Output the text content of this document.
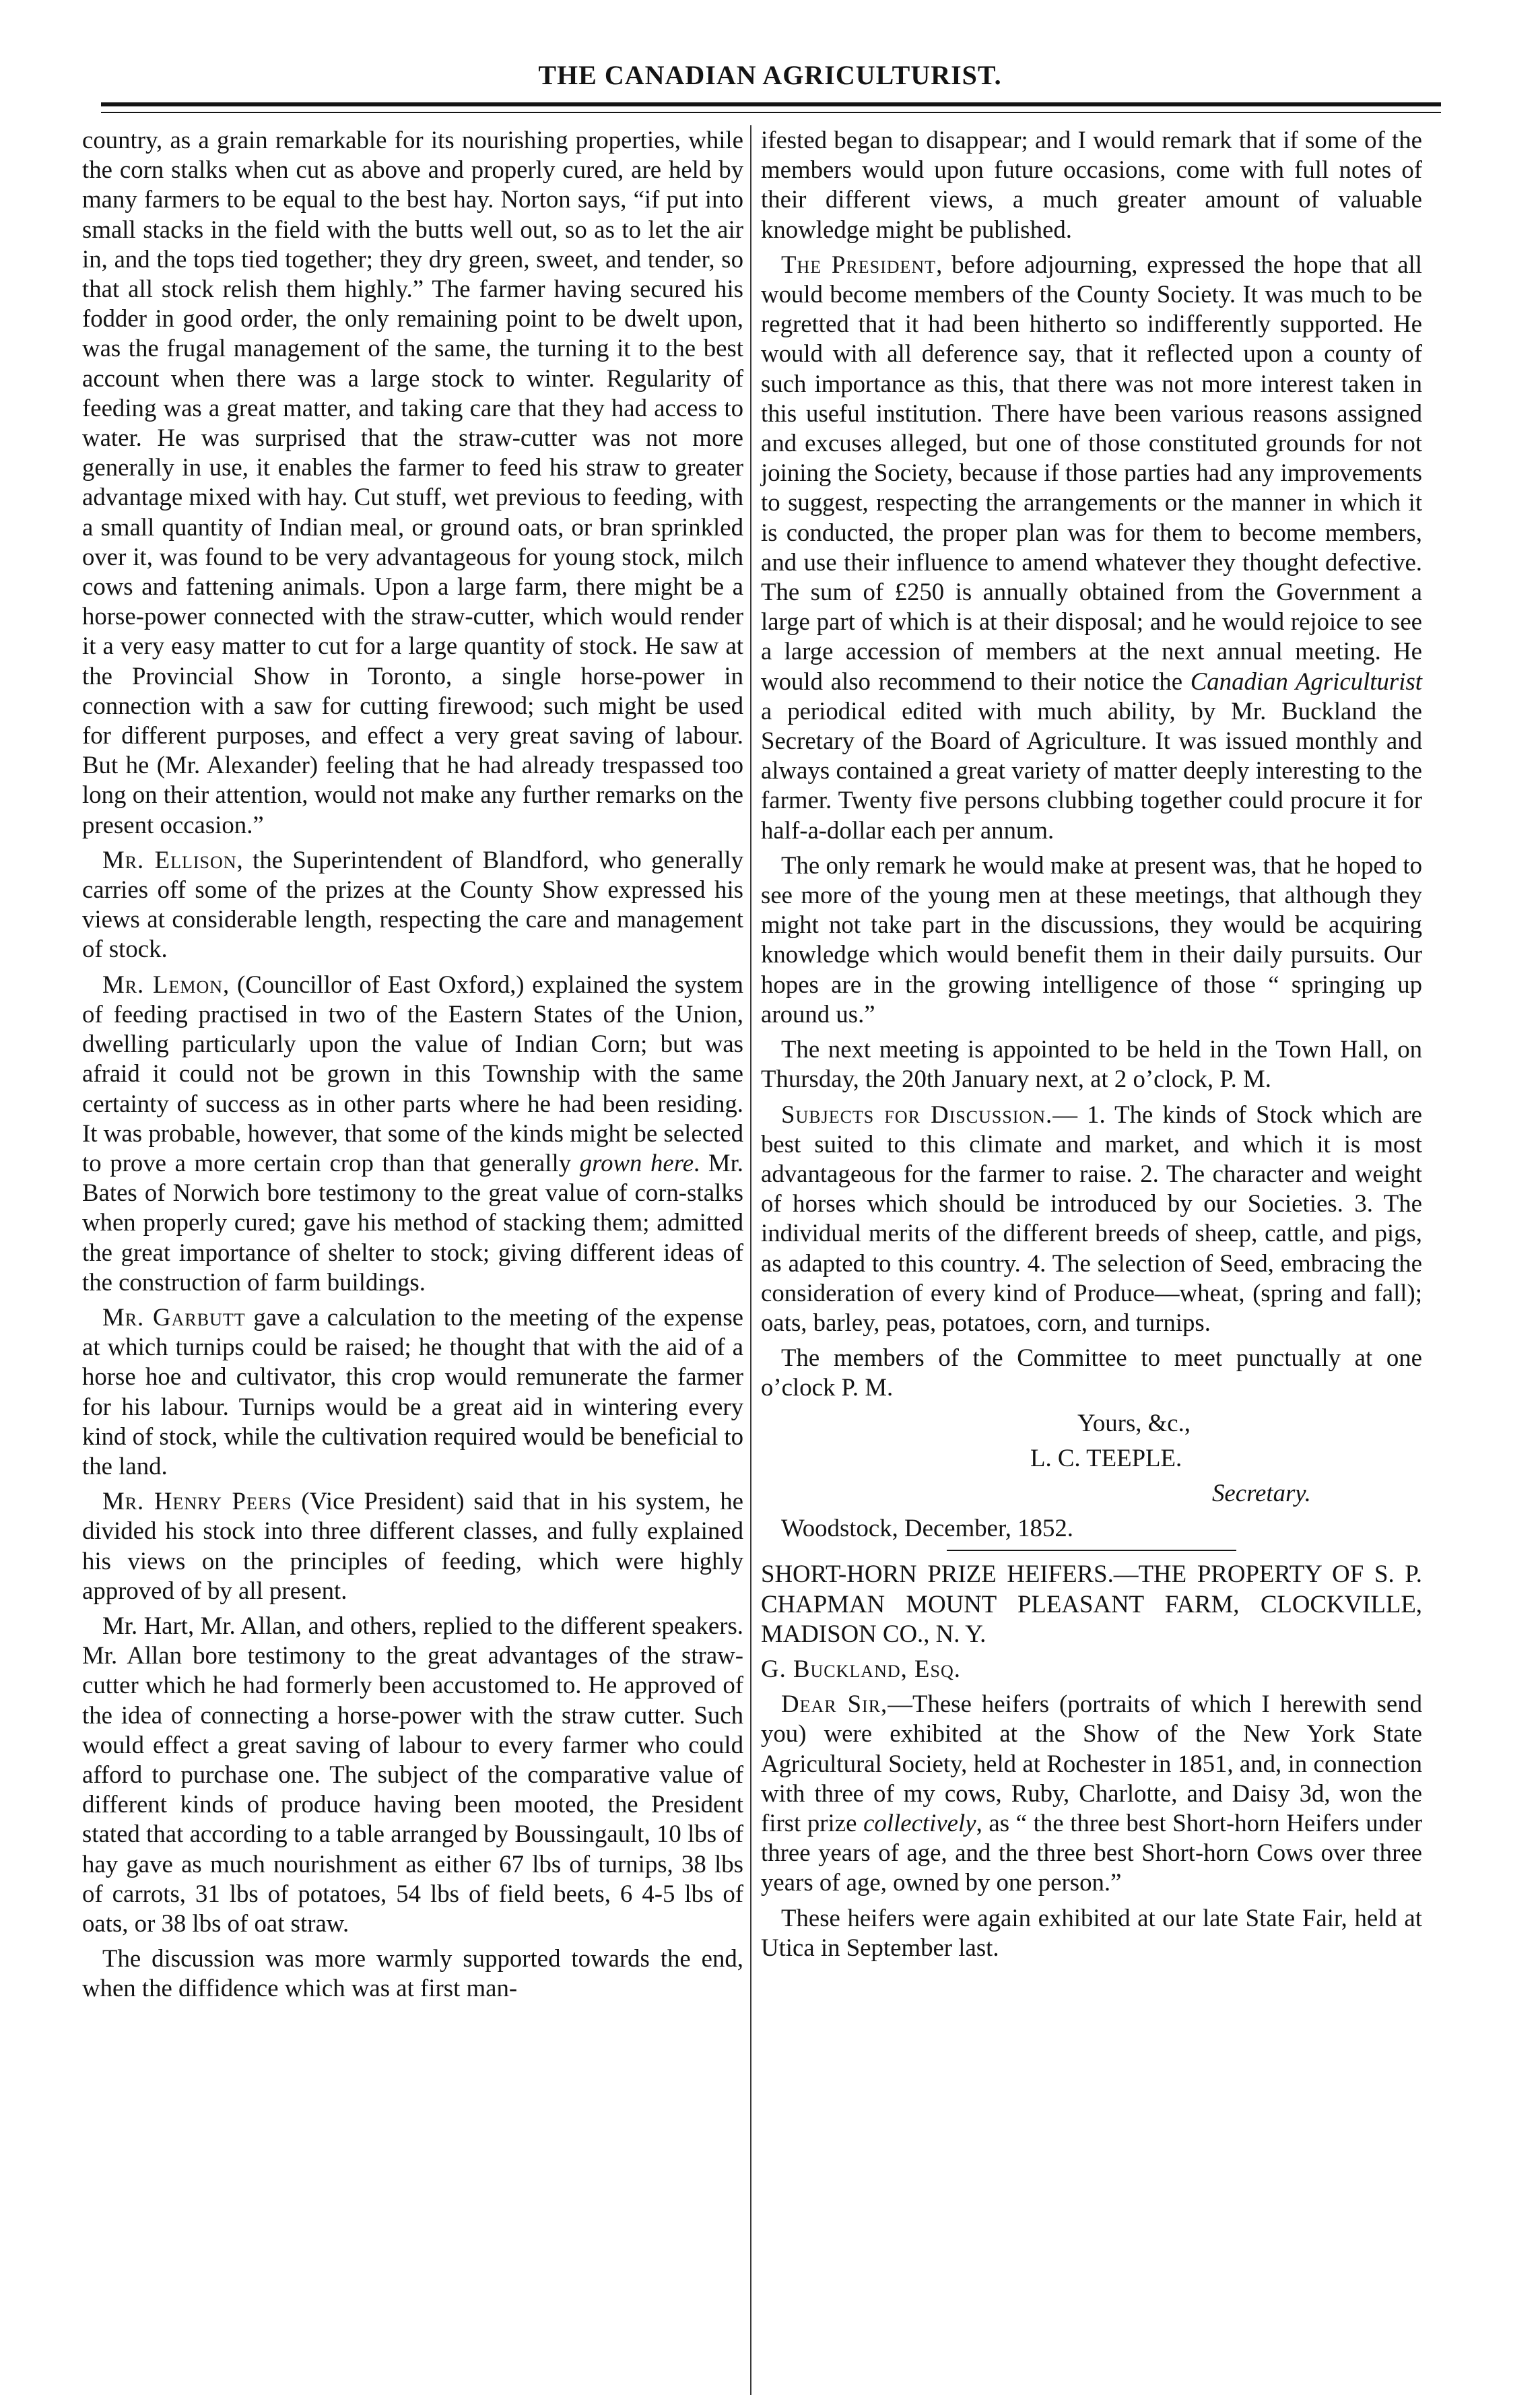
THE CANADIAN AGRICULTURIST.

country, as a grain remarkable for its nourishing properties, while the corn stalks when cut as above and properly cured, are held by many farmers to be equal to the best hay. Norton says, “if put into small stacks in the field with the butts well out, so as to let the air in, and the tops tied together; they dry green, sweet, and tender, so that all stock relish them highly.” The farmer having secured his fodder in good order, the only remaining point to be dwelt upon, was the frugal management of the same, the turning it to the best account when there was a large stock to winter. Regularity of feeding was a great matter, and taking care that they had access to water. He was surprised that the straw-cutter was not more generally in use, it enables the farmer to feed his straw to greater advantage mixed with hay. Cut stuff, wet previous to feeding, with a small quantity of Indian meal, or ground oats, or bran sprinkled over it, was found to be very advantageous for young stock, milch cows and fattening animals. Upon a large farm, there might be a horse-power connected with the straw-cutter, which would render it a very easy matter to cut for a large quantity of stock. He saw at the Provincial Show in Toronto, a single horse-power in connection with a saw for cutting firewood; such might be used for different purposes, and effect a very great saving of labour. But he (Mr. Alexander) feeling that he had already trespassed too long on their attention, would not make any further remarks on the present occasion.”

Mr. Ellison, the Superintendent of Blandford, who generally carries off some of the prizes at the County Show expressed his views at considerable length, respecting the care and management of stock.

Mr. Lemon, (Councillor of East Oxford,) explained the system of feeding practised in two of the Eastern States of the Union, dwelling particularly upon the value of Indian Corn; but was afraid it could not be grown in this Township with the same certainty of success as in other parts where he had been residing. It was probable, however, that some of the kinds might be selected to prove a more certain crop than that generally grown here. Mr. Bates of Norwich bore testimony to the great value of corn-stalks when properly cured; gave his method of stacking them; admitted the great importance of shelter to stock; giving different ideas of the construction of farm buildings.

Mr. Garbutt gave a calculation to the meeting of the expense at which turnips could be raised; he thought that with the aid of a horse hoe and cultivator, this crop would remunerate the farmer for his labour. Turnips would be a great aid in wintering every kind of stock, while the cultivation required would be beneficial to the land.

Mr. Henry Peers (Vice President) said that in his system, he divided his stock into three different classes, and fully explained his views on the principles of feeding, which were highly approved of by all present.

Mr. Hart, Mr. Allan, and others, replied to the different speakers. Mr. Allan bore testimony to the great advantages of the straw-cutter which he had formerly been accustomed to. He approved of the idea of connecting a horse-power with the straw cutter. Such would effect a great saving of labour to every farmer who could afford to purchase one. The subject of the comparative value of different kinds of produce having been mooted, the President stated that according to a table arranged by Boussingault, 10 lbs of hay gave as much nourishment as either 67 lbs of turnips, 38 lbs of carrots, 31 lbs of potatoes, 54 lbs of field beets, 6 4-5 lbs of oats, or 38 lbs of oat straw.

The discussion was more warmly supported towards the end, when the diffidence which was at first man-

ifested began to disappear; and I would remark that if some of the members would upon future occasions, come with full notes of their different views, a much greater amount of valuable knowledge might be published.

The President, before adjourning, expressed the hope that all would become members of the County Society. It was much to be regretted that it had been hitherto so indifferently supported. He would with all deference say, that it reflected upon a county of such importance as this, that there was not more interest taken in this useful institution. There have been various reasons assigned and excuses alleged, but one of those constituted grounds for not joining the Society, because if those parties had any improvements to suggest, respecting the arrangements or the manner in which it is conducted, the proper plan was for them to become members, and use their influence to amend whatever they thought defective. The sum of £250 is annually obtained from the Government a large part of which is at their disposal; and he would rejoice to see a large accession of members at the next annual meeting. He would also recommend to their notice the Canadian Agriculturist a periodical edited with much ability, by Mr. Buckland the Secretary of the Board of Agriculture. It was issued monthly and always contained a great variety of matter deeply interesting to the farmer. Twenty five persons clubbing together could procure it for half-a-dollar each per annum.

The only remark he would make at present was, that he hoped to see more of the young men at these meetings, that although they might not take part in the discussions, they would be acquiring knowledge which would benefit them in their daily pursuits. Our hopes are in the growing intelligence of those “ springing up around us.”

The next meeting is appointed to be held in the Town Hall, on Thursday, the 20th January next, at 2 o’clock, P. M.

Subjects for Discussion.— 1. The kinds of Stock which are best suited to this climate and market, and which it is most advantageous for the farmer to raise. 2. The character and weight of horses which should be introduced by our Societies. 3. The individual merits of the different breeds of sheep, cattle, and pigs, as adapted to this country. 4. The selection of Seed, embracing the consideration of every kind of Produce—wheat, (spring and fall); oats, barley, peas, potatoes, corn, and turnips.

The members of the Committee to meet punctually at one o’clock P. M.

Yours, &c.,

L. C. TEEPLE.

Secretary.

Woodstock, December, 1852.

SHORT-HORN PRIZE HEIFERS.—THE PROPERTY OF S. P. CHAPMAN MOUNT PLEASANT FARM, CLOCKVILLE, MADISON CO., N. Y.

G. Buckland, Esq.

Dear Sir,—These heifers (portraits of which I herewith send you) were exhibited at the Show of the New York State Agricultural Society, held at Rochester in 1851, and, in connection with three of my cows, Ruby, Charlotte, and Daisy 3d, won the first prize collectively, as “ the three best Short-horn Heifers under three years of age, and the three best Short-horn Cows over three years of age, owned by one person.”

These heifers were again exhibited at our late State Fair, held at Utica in September last.
